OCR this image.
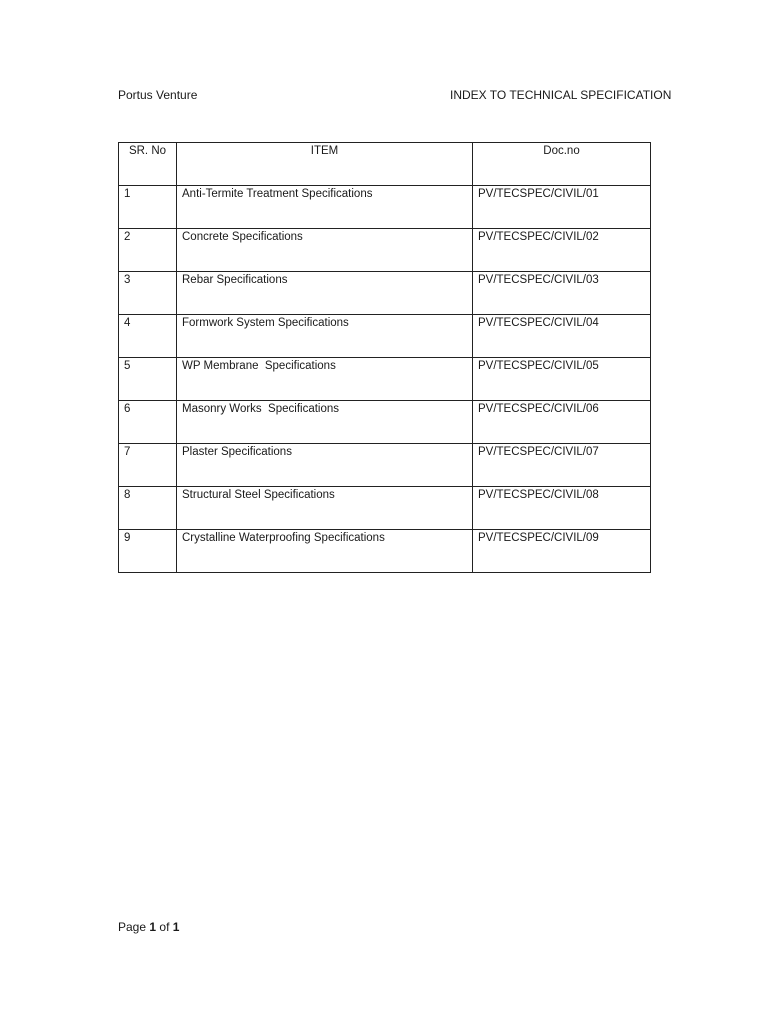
Portus Venture	INDEX TO TECHNICAL SPECIFICATION
SR. No	ITEM	Doc.no
1	Anti-Termite Treatment Specifications	PV/TECSPEC/CIVIL/01
2	Concrete Specifications	PV/TECSPEC/CIVIL/02
3	Rebar Specifications	PV/TECSPEC/CIVIL/03
4	Formwork System Specifications	PV/TECSPEC/CIVIL/04
5	WP Membrane  Specifications	PV/TECSPEC/CIVIL/05
6	Masonry Works  Specifications	PV/TECSPEC/CIVIL/06
7	Plaster Specifications	PV/TECSPEC/CIVIL/07
8	Structural Steel Specifications	PV/TECSPEC/CIVIL/08
9	Crystalline Waterproofing Specifications	PV/TECSPEC/CIVIL/09
Page 1 of 1
